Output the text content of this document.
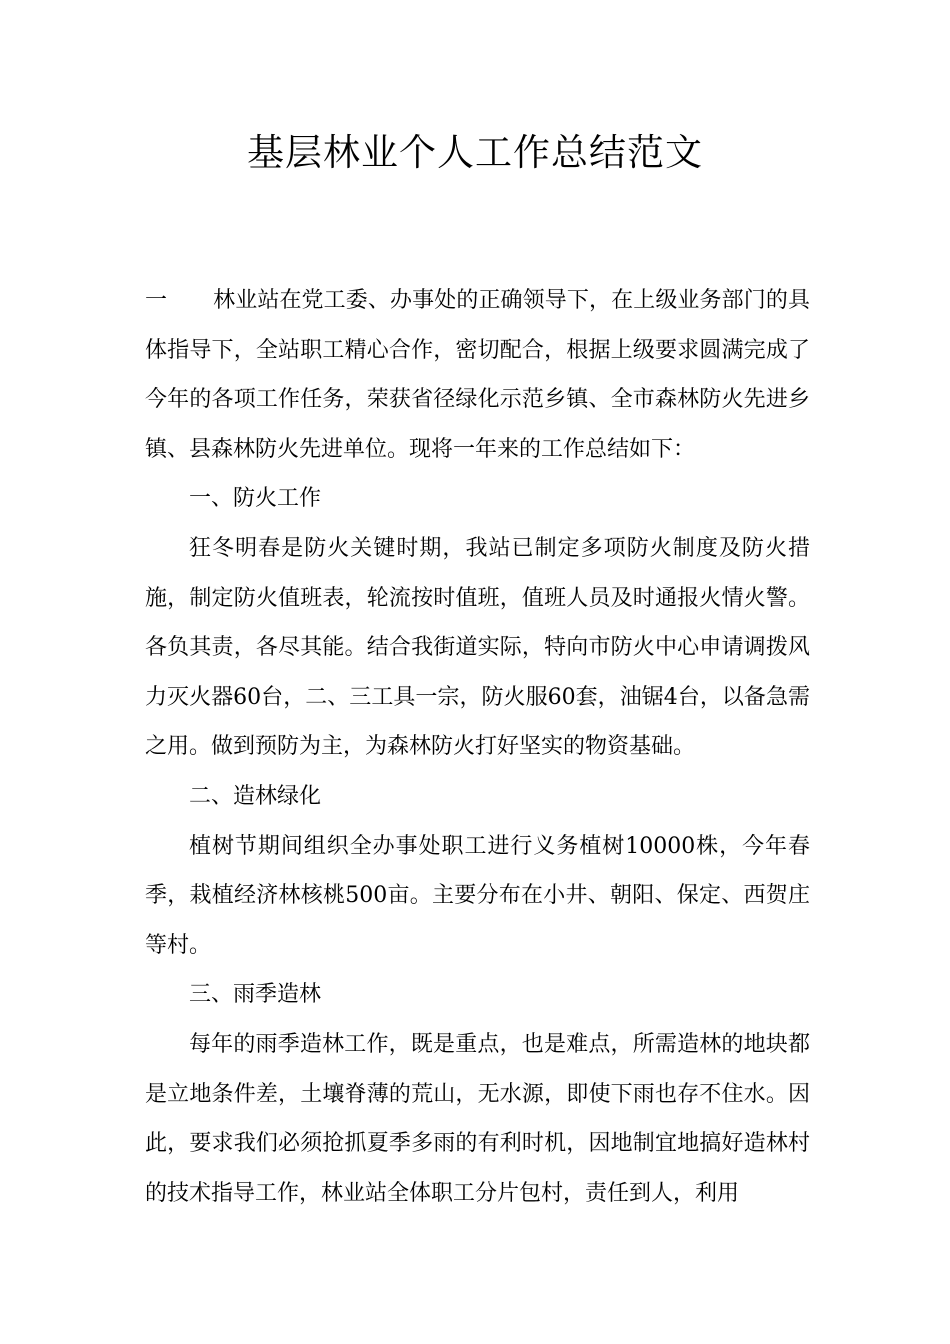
基层林业个人工作总结范文

一 林业站在党工委、办事处的正确领导下，在上级业务部门的具体指导下，全站职工精心合作，密切配合，根据上级要求圆满完成了今年的各项工作任务，荣获省径绿化示范乡镇、全市森林防火先进乡镇、县森林防火先进单位。现将一年来的工作总结如下：

一、防火工作

狂冬明春是防火关键时期，我站已制定多项防火制度及防火措施，制定防火值班表，轮流按时值班，值班人员及时通报火情火警。各负其责，各尽其能。结合我街道实际，特向市防火中心申请调拨风力灭火器60台，二、三工具一宗，防火服60套，油锯4台，以备急需之用。做到预防为主，为森林防火打好坚实的物资基础。

二、造林绿化

植树节期间组织全办事处职工进行义务植树10000株，今年春季，栽植经济林核桃500亩。主要分布在小井、朝阳、保定、西贺庄等村。

三、雨季造林

每年的雨季造林工作，既是重点，也是难点，所需造林的地块都是立地条件差，土壤脊薄的荒山，无水源，即使下雨也存不住水。因此，要求我们必须抢抓夏季多雨的有利时机，因地制宜地搞好造林村的技术指导工作，林业站全体职工分片包村，责任到人，利用
